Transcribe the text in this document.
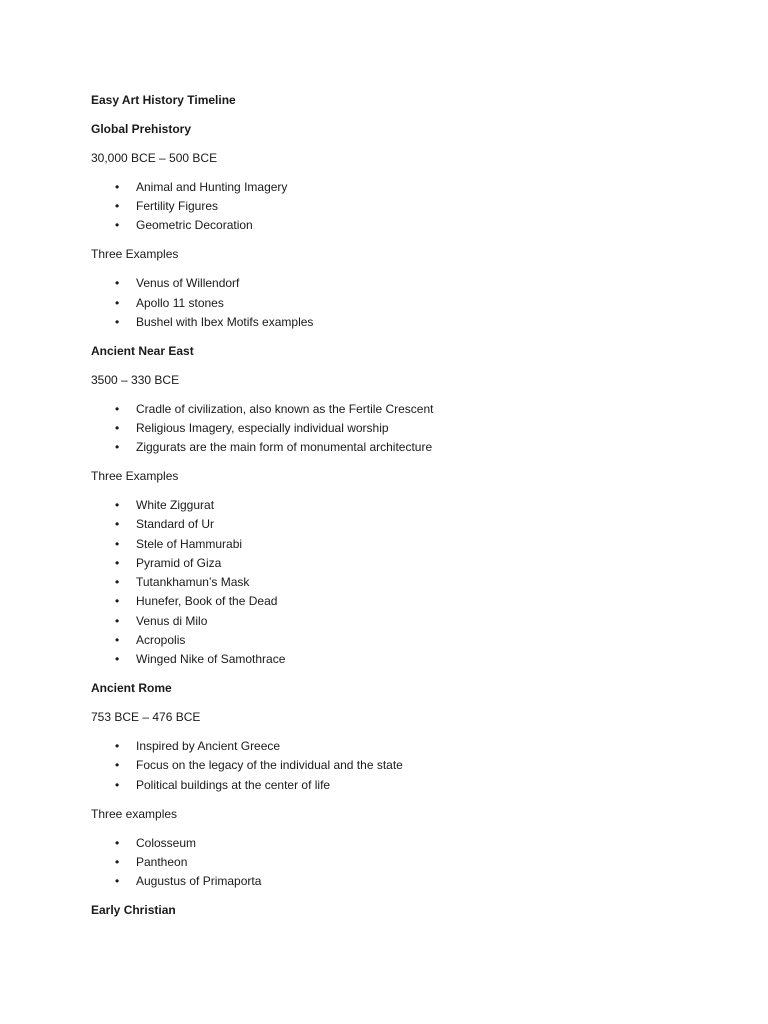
Easy Art History Timeline

Global Prehistory

30,000 BCE – 500 BCE

• Animal and Hunting Imagery
• Fertility Figures
• Geometric Decoration

Three Examples

• Venus of Willendorf
• Apollo 11 stones
• Bushel with Ibex Motifs examples

Ancient Near East

3500 – 330 BCE

• Cradle of civilization, also known as the Fertile Crescent
• Religious Imagery, especially individual worship
• Ziggurats are the main form of monumental architecture

Three Examples

• White Ziggurat
• Standard of Ur
• Stele of Hammurabi
• Pyramid of Giza
• Tutankhamun’s Mask
• Hunefer, Book of the Dead
• Venus di Milo
• Acropolis
• Winged Nike of Samothrace

Ancient Rome

753 BCE – 476 BCE

• Inspired by Ancient Greece
• Focus on the legacy of the individual and the state
• Political buildings at the center of life

Three examples

• Colosseum
• Pantheon
• Augustus of Primaporta

Early Christian
